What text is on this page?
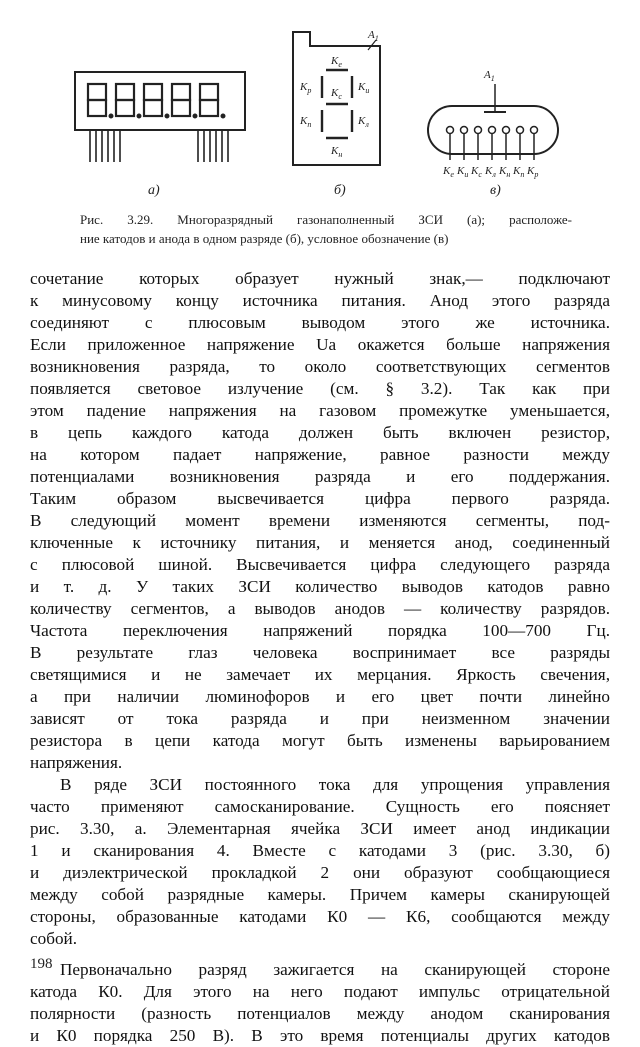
а)
$A_1$
$K_е$
$K_р$ $K_с$
$K_и$
$K_п$	$K_л$
$K_н$
б)
$A_1$
$K_е$ $K_и$ $K_с$ $K_л$ $K_н$ $K_п$ $K_р$
в)
Рис. 3.29. Многоразрядный газонаполненный ЗСИ (а); расположе-
ние катодов и анода в одном разряде (б), условное обозначение (в)
сочетание которых образует нужный знак,— подключают
к минусовому концу источника питания. Анод этого разряда
соединяют с плюсовым выводом этого же источника.
Если приложенное напряжение Uа окажется больше напряжения
возникновения разряда, то около соответствующих сегментов
появляется световое излучение (см. § 3.2). Так как при
этом падение напряжения на газовом промежутке уменьшается,
в цепь каждого катода должен быть включен резистор,
на котором падает напряжение, равное разности между
потенциалами возникновения разряда и его поддержания.
Таким образом высвечивается цифра первого разряда.
В следующий момент времени изменяются сегменты, под-
ключенные к источнику питания, и меняется анод, соединенный
с плюсовой шиной. Высвечивается цифра следующего разряда
и т. д. У таких ЗСИ количество выводов катодов равно
количеству сегментов, а выводов анодов — количеству разрядов.
Частота переключения напряжений порядка 100—700 Гц.
В результате глаз человека воспринимает все разряды
светящимися и не замечает их мерцания. Яркость свечения,
а при наличии люминофоров и его цвет почти линейно
зависят от тока разряда и при неизменном значении
резистора в цепи катода могут быть изменены варьированием
напряжения.
В ряде ЗСИ постоянного тока для упрощения управления
часто применяют самосканирование. Сущность его поясняет
рис. 3.30, а. Элементарная ячейка ЗСИ имеет анод индикации
1 и сканирования 4. Вместе с катодами 3 (рис. 3.30, б)
и диэлектрической прокладкой 2 они образуют сообщающиеся
между собой разрядные камеры. Причем камеры сканирующей
стороны, образованные катодами К0 — К6, сообщаются между
собой.
Первоначально разряд зажигается на сканирующей стороне
катода К0. Для этого на него подают импульс отрицательной
полярности (разность потенциалов между анодом сканирования
и К0 порядка 250 В). В это время потенциалы других катодов
198
